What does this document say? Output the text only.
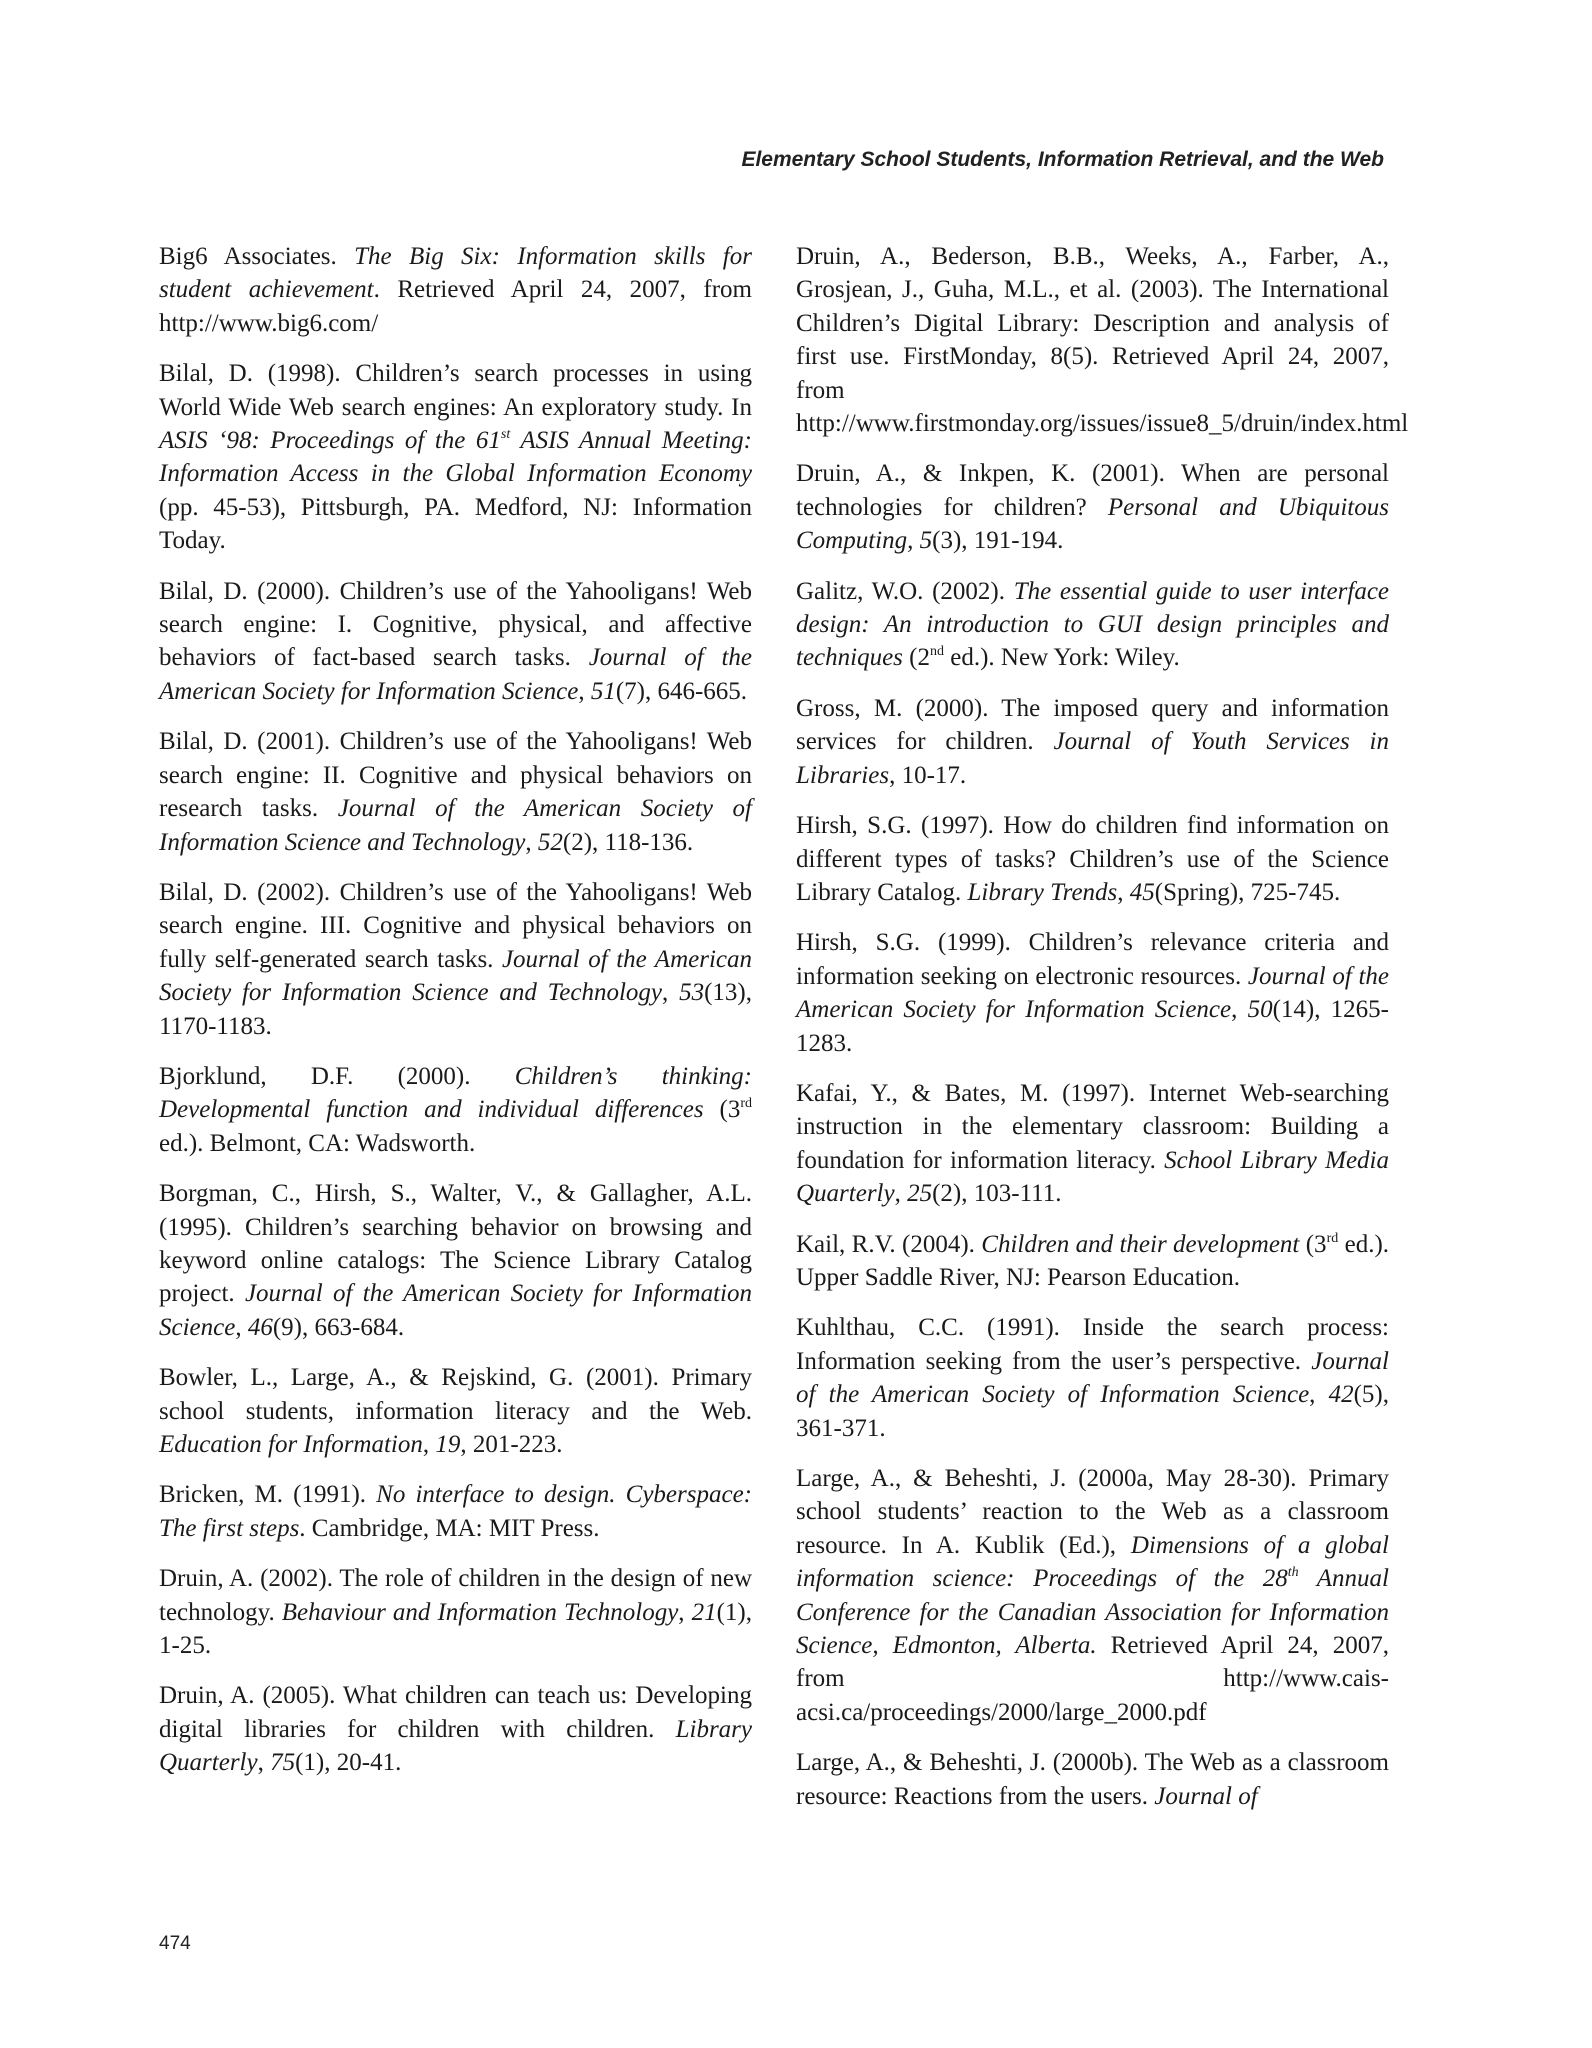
Elementary School Students, Information Retrieval, and the Web

Big6 Associates. The Big Six: Information skills for student achievement. Retrieved April 24, 2007, from http://www.big6.com/

Bilal, D. (1998). Children’s search processes in using World Wide Web search engines: An exploratory study. In ASIS ‘98: Proceedings of the 61st ASIS Annual Meeting: Information Access in the Global Information Economy (pp. 45-53), Pittsburgh, PA. Medford, NJ: Information Today.

Bilal, D. (2000). Children’s use of the Yahooligans! Web search engine: I. Cognitive, physical, and affective behaviors of fact-based search tasks. Journal of the American Society for Information Science, 51(7), 646-665.

Bilal, D. (2001). Children’s use of the Yahooligans! Web search engine: II. Cognitive and physical behaviors on research tasks. Journal of the American Society of Information Science and Technology, 52(2), 118-136.

Bilal, D. (2002). Children’s use of the Yahooligans! Web search engine. III. Cognitive and physical behaviors on fully self-generated search tasks. Journal of the American Society for Information Science and Technology, 53(13), 1170-1183.

Bjorklund, D.F. (2000). Children’s thinking: Developmental function and individual differences (3rd ed.). Belmont, CA: Wadsworth.

Borgman, C., Hirsh, S., Walter, V., & Gallagher, A.L. (1995). Children’s searching behavior on browsing and keyword online catalogs: The Science Library Catalog project. Journal of the American Society for Information Science, 46(9), 663-684.

Bowler, L., Large, A., & Rejskind, G. (2001). Primary school students, information literacy and the Web. Education for Information, 19, 201-223.

Bricken, M. (1991). No interface to design. Cyberspace: The first steps. Cambridge, MA: MIT Press.

Druin, A. (2002). The role of children in the design of new technology. Behaviour and Information Technology, 21(1), 1-25.

Druin, A. (2005). What children can teach us: Developing digital libraries for children with children. Library Quarterly, 75(1), 20-41.

Druin, A., Bederson, B.B., Weeks, A., Farber, A., Grosjean, J., Guha, M.L., et al. (2003). The International Children’s Digital Library: Description and analysis of first use. FirstMonday, 8(5). Retrieved April 24, 2007, from http://www.firstmonday.org/issues/issue8_5/druin/index.html

Druin, A., & Inkpen, K. (2001). When are personal technologies for children? Personal and Ubiquitous Computing, 5(3), 191-194.

Galitz, W.O. (2002). The essential guide to user interface design: An introduction to GUI design principles and techniques (2nd ed.). New York: Wiley.

Gross, M. (2000). The imposed query and information services for children. Journal of Youth Services in Libraries, 10-17.

Hirsh, S.G. (1997). How do children find information on different types of tasks? Children’s use of the Science Library Catalog. Library Trends, 45(Spring), 725-745.

Hirsh, S.G. (1999). Children’s relevance criteria and information seeking on electronic resources. Journal of the American Society for Information Science, 50(14), 1265-1283.

Kafai, Y., & Bates, M. (1997). Internet Web-searching instruction in the elementary classroom: Building a foundation for information literacy. School Library Media Quarterly, 25(2), 103-111.

Kail, R.V. (2004). Children and their development (3rd ed.). Upper Saddle River, NJ: Pearson Education.

Kuhlthau, C.C. (1991). Inside the search process: Information seeking from the user’s perspective. Journal of the American Society of Information Science, 42(5), 361-371.

Large, A., & Beheshti, J. (2000a, May 28-30). Primary school students’ reaction to the Web as a classroom resource. In A. Kublik (Ed.), Dimensions of a global information science: Proceedings of the 28th Annual Conference for the Canadian Association for Information Science, Edmonton, Alberta. Retrieved April 24, 2007, from http://www.cais-acsi.ca/proceedings/2000/large_2000.pdf

Large, A., & Beheshti, J. (2000b). The Web as a classroom resource: Reactions from the users. Journal of

474
